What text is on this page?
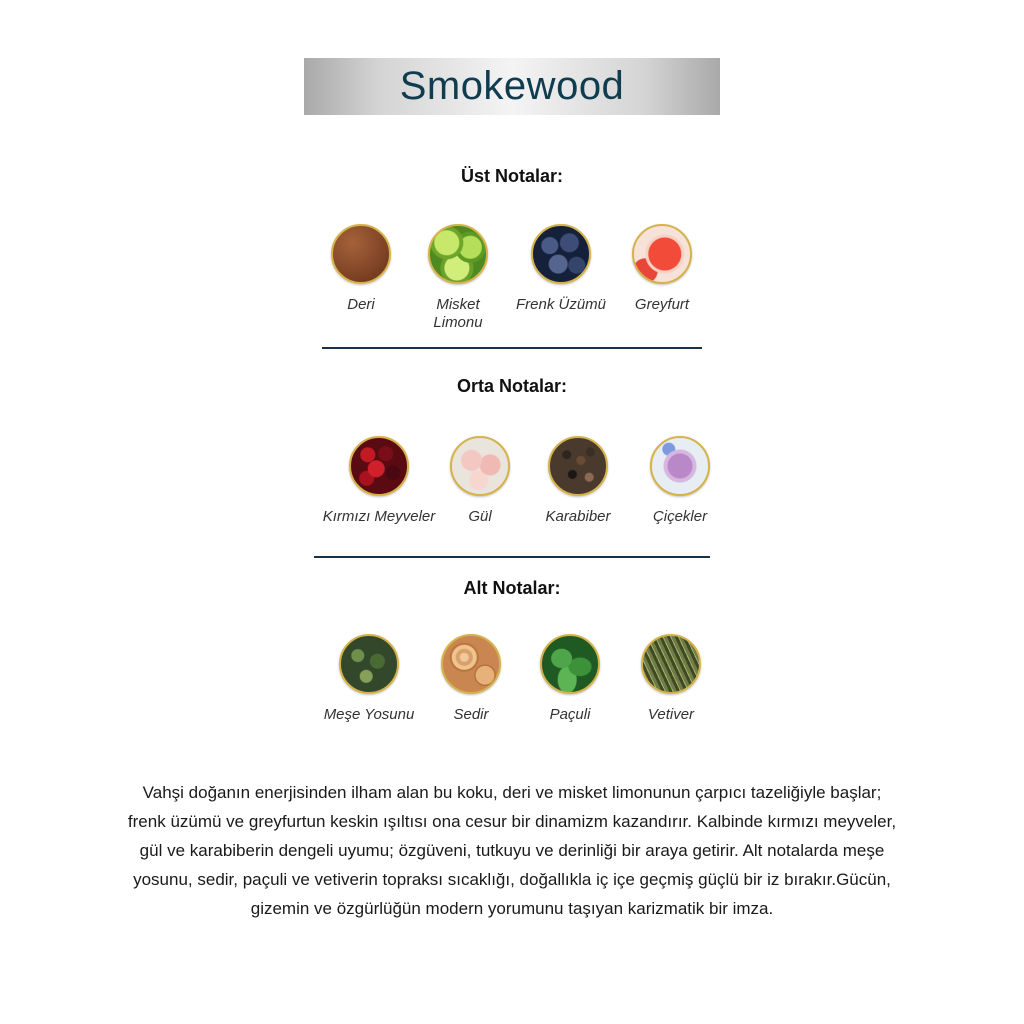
Smokewood
Üst Notalar:
Deri	Misket Limonu
Frenk Üzümü	Greyfurt
Orta Notalar:
Kırmızı Meyveler	Gül	Karabiber	Çiçekler
Alt Notalar:
Meşe Yosunu	Sedir	Paçuli	Vetiver

Vahşi doğanın enerjisinden ilham alan bu koku, deri ve misket limonunun çarpıcı tazeliğiyle başlar; frenk üzümü ve greyfurtun keskin ışıltısı ona cesur bir dinamizm kazandırır. Kalbinde kırmızı meyveler, gül ve karabiberin dengeli uyumu; özgüveni, tutkuyu ve derinliği bir araya getirir. Alt notalarda meşe yosunu, sedir, paçuli ve vetiverin topraksı sıcaklığı, doğallıkla iç içe geçmiş güçlü bir iz bırakır.Gücün, gizemin ve özgürlüğün modern yorumunu taşıyan karizmatik bir imza.
